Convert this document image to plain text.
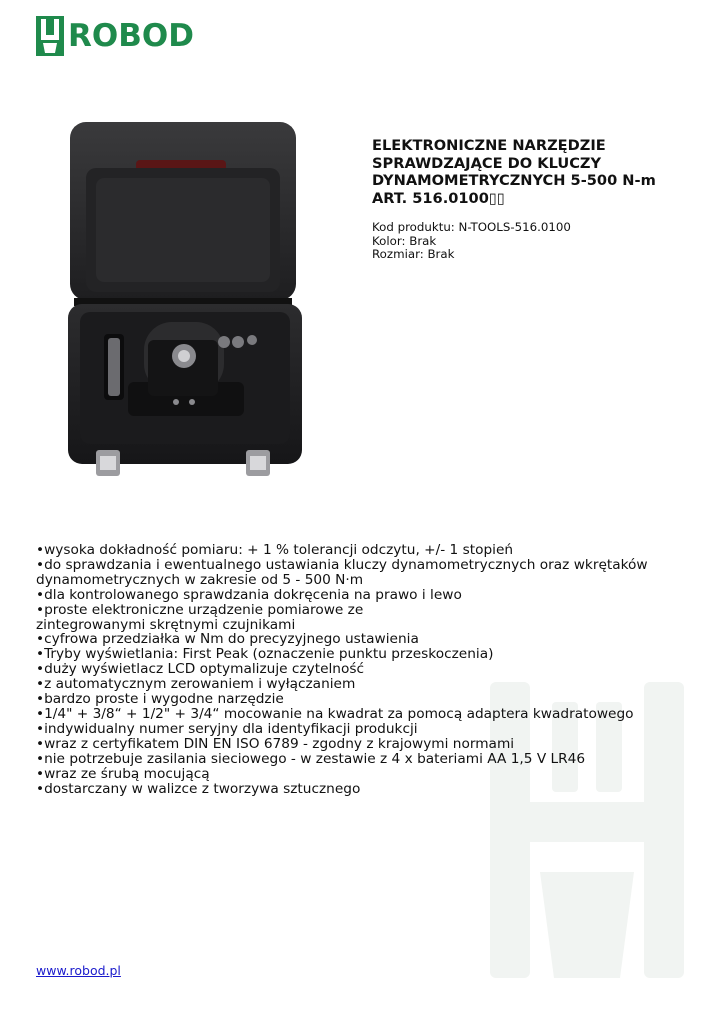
ROBOD
ELEKTRONICZNE NARZĘDZIE SPRAWDZAJĄCE DO KLUCZY DYNAMOMETRYCZNYCH 5-500 N-m ART. 516.0100▯▯
Kod produktu: N-TOOLS-516.0100
Kolor: Brak
Rozmiar: Brak
• wysoka dokładność pomiaru: + 1 % tolerancji odczytu, +/- 1 stopień
• do sprawdzania i ewentualnego ustawiania kluczy dynamometrycznych oraz wkrętaków dynamometrycznych w zakresie od 5 - 500 N·m
• dla kontrolowanego sprawdzania dokręcenia na prawo i lewo
• proste elektroniczne urządzenie pomiarowe ze zintegrowanymi skrętnymi czujnikami
• cyfrowa przedziałka w Nm do precyzyjnego ustawienia
• Tryby wyświetlania: First Peak (oznaczenie punktu przeskoczenia)
• duży wyświetlacz LCD optymalizuje czytelność
• z automatycznym zerowaniem i wyłączaniem
• bardzo proste i wygodne narzędzie
• 1/4" + 3/8“ + 1/2" + 3/4“ mocowanie na kwadrat za pomocą adaptera kwadratowego
• indywidualny numer seryjny dla identyfikacji produkcji
• wraz z certyfikatem DIN EN ISO 6789 - zgodny z krajowymi normami
• nie potrzebuje zasilania sieciowego - w zestawie z 4 x bateriami AA 1,5 V LR46
• wraz ze śrubą mocującą
• dostarczany w walizce z tworzywa sztucznego
www.robod.pl
